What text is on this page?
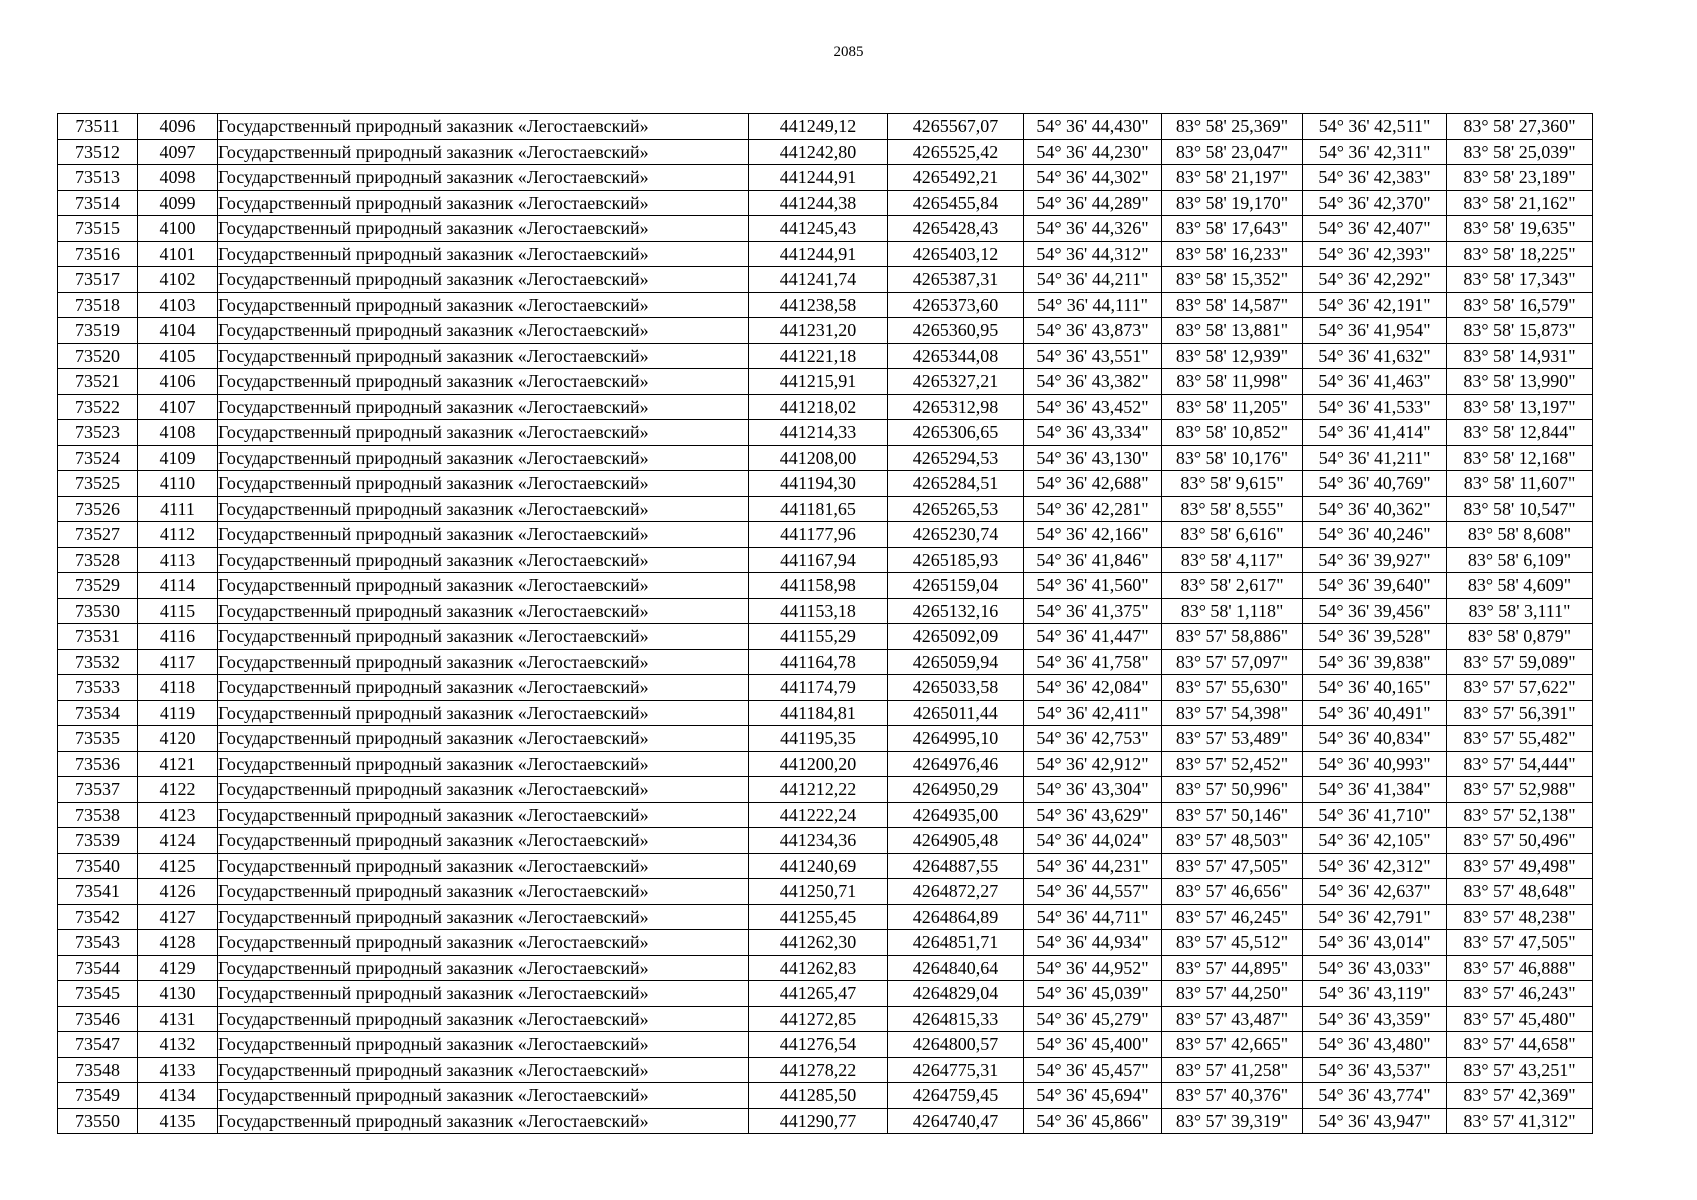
2085
73511	4096	Государственный природный заказник «Легостаевский»	441249,12	4265567,07	54° 36' 44,430"	83° 58' 25,369"	54° 36' 42,511"	83° 58' 27,360"
73512	4097	Государственный природный заказник «Легостаевский»	441242,80	4265525,42	54° 36' 44,230"	83° 58' 23,047"	54° 36' 42,311"	83° 58' 25,039"
73513	4098	Государственный природный заказник «Легостаевский»	441244,91	4265492,21	54° 36' 44,302"	83° 58' 21,197"	54° 36' 42,383"	83° 58' 23,189"
73514	4099	Государственный природный заказник «Легостаевский»	441244,38	4265455,84	54° 36' 44,289"	83° 58' 19,170"	54° 36' 42,370"	83° 58' 21,162"
73515	4100	Государственный природный заказник «Легостаевский»	441245,43	4265428,43	54° 36' 44,326"	83° 58' 17,643"	54° 36' 42,407"	83° 58' 19,635"
73516	4101	Государственный природный заказник «Легостаевский»	441244,91	4265403,12	54° 36' 44,312"	83° 58' 16,233"	54° 36' 42,393"	83° 58' 18,225"
73517	4102	Государственный природный заказник «Легостаевский»	441241,74	4265387,31	54° 36' 44,211"	83° 58' 15,352"	54° 36' 42,292"	83° 58' 17,343"
73518	4103	Государственный природный заказник «Легостаевский»	441238,58	4265373,60	54° 36' 44,111"	83° 58' 14,587"	54° 36' 42,191"	83° 58' 16,579"
73519	4104	Государственный природный заказник «Легостаевский»	441231,20	4265360,95	54° 36' 43,873"	83° 58' 13,881"	54° 36' 41,954"	83° 58' 15,873"
73520	4105	Государственный природный заказник «Легостаевский»	441221,18	4265344,08	54° 36' 43,551"	83° 58' 12,939"	54° 36' 41,632"	83° 58' 14,931"
73521	4106	Государственный природный заказник «Легостаевский»	441215,91	4265327,21	54° 36' 43,382"	83° 58' 11,998"	54° 36' 41,463"	83° 58' 13,990"
73522	4107	Государственный природный заказник «Легостаевский»	441218,02	4265312,98	54° 36' 43,452"	83° 58' 11,205"	54° 36' 41,533"	83° 58' 13,197"
73523	4108	Государственный природный заказник «Легостаевский»	441214,33	4265306,65	54° 36' 43,334"	83° 58' 10,852"	54° 36' 41,414"	83° 58' 12,844"
73524	4109	Государственный природный заказник «Легостаевский»	441208,00	4265294,53	54° 36' 43,130"	83° 58' 10,176"	54° 36' 41,211"	83° 58' 12,168"
73525	4110	Государственный природный заказник «Легостаевский»	441194,30	4265284,51	54° 36' 42,688"	83° 58' 9,615"	54° 36' 40,769"	83° 58' 11,607"
73526	4111	Государственный природный заказник «Легостаевский»	441181,65	4265265,53	54° 36' 42,281"	83° 58' 8,555"	54° 36' 40,362"	83° 58' 10,547"
73527	4112	Государственный природный заказник «Легостаевский»	441177,96	4265230,74	54° 36' 42,166"	83° 58' 6,616"	54° 36' 40,246"	83° 58' 8,608"
73528	4113	Государственный природный заказник «Легостаевский»	441167,94	4265185,93	54° 36' 41,846"	83° 58' 4,117"	54° 36' 39,927"	83° 58' 6,109"
73529	4114	Государственный природный заказник «Легостаевский»	441158,98	4265159,04	54° 36' 41,560"	83° 58' 2,617"	54° 36' 39,640"	83° 58' 4,609"
73530	4115	Государственный природный заказник «Легостаевский»	441153,18	4265132,16	54° 36' 41,375"	83° 58' 1,118"	54° 36' 39,456"	83° 58' 3,111"
73531	4116	Государственный природный заказник «Легостаевский»	441155,29	4265092,09	54° 36' 41,447"	83° 57' 58,886"	54° 36' 39,528"	83° 58' 0,879"
73532	4117	Государственный природный заказник «Легостаевский»	441164,78	4265059,94	54° 36' 41,758"	83° 57' 57,097"	54° 36' 39,838"	83° 57' 59,089"
73533	4118	Государственный природный заказник «Легостаевский»	441174,79	4265033,58	54° 36' 42,084"	83° 57' 55,630"	54° 36' 40,165"	83° 57' 57,622"
73534	4119	Государственный природный заказник «Легостаевский»	441184,81	4265011,44	54° 36' 42,411"	83° 57' 54,398"	54° 36' 40,491"	83° 57' 56,391"
73535	4120	Государственный природный заказник «Легостаевский»	441195,35	4264995,10	54° 36' 42,753"	83° 57' 53,489"	54° 36' 40,834"	83° 57' 55,482"
73536	4121	Государственный природный заказник «Легостаевский»	441200,20	4264976,46	54° 36' 42,912"	83° 57' 52,452"	54° 36' 40,993"	83° 57' 54,444"
73537	4122	Государственный природный заказник «Легостаевский»	441212,22	4264950,29	54° 36' 43,304"	83° 57' 50,996"	54° 36' 41,384"	83° 57' 52,988"
73538	4123	Государственный природный заказник «Легостаевский»	441222,24	4264935,00	54° 36' 43,629"	83° 57' 50,146"	54° 36' 41,710"	83° 57' 52,138"
73539	4124	Государственный природный заказник «Легостаевский»	441234,36	4264905,48	54° 36' 44,024"	83° 57' 48,503"	54° 36' 42,105"	83° 57' 50,496"
73540	4125	Государственный природный заказник «Легостаевский»	441240,69	4264887,55	54° 36' 44,231"	83° 57' 47,505"	54° 36' 42,312"	83° 57' 49,498"
73541	4126	Государственный природный заказник «Легостаевский»	441250,71	4264872,27	54° 36' 44,557"	83° 57' 46,656"	54° 36' 42,637"	83° 57' 48,648"
73542	4127	Государственный природный заказник «Легостаевский»	441255,45	4264864,89	54° 36' 44,711"	83° 57' 46,245"	54° 36' 42,791"	83° 57' 48,238"
73543	4128	Государственный природный заказник «Легостаевский»	441262,30	4264851,71	54° 36' 44,934"	83° 57' 45,512"	54° 36' 43,014"	83° 57' 47,505"
73544	4129	Государственный природный заказник «Легостаевский»	441262,83	4264840,64	54° 36' 44,952"	83° 57' 44,895"	54° 36' 43,033"	83° 57' 46,888"
73545	4130	Государственный природный заказник «Легостаевский»	441265,47	4264829,04	54° 36' 45,039"	83° 57' 44,250"	54° 36' 43,119"	83° 57' 46,243"
73546	4131	Государственный природный заказник «Легостаевский»	441272,85	4264815,33	54° 36' 45,279"	83° 57' 43,487"	54° 36' 43,359"	83° 57' 45,480"
73547	4132	Государственный природный заказник «Легостаевский»	441276,54	4264800,57	54° 36' 45,400"	83° 57' 42,665"	54° 36' 43,480"	83° 57' 44,658"
73548	4133	Государственный природный заказник «Легостаевский»	441278,22	4264775,31	54° 36' 45,457"	83° 57' 41,258"	54° 36' 43,537"	83° 57' 43,251"
73549	4134	Государственный природный заказник «Легостаевский»	441285,50	4264759,45	54° 36' 45,694"	83° 57' 40,376"	54° 36' 43,774"	83° 57' 42,369"
73550	4135	Государственный природный заказник «Легостаевский»	441290,77	4264740,47	54° 36' 45,866"	83° 57' 39,319"	54° 36' 43,947"	83° 57' 41,312"
